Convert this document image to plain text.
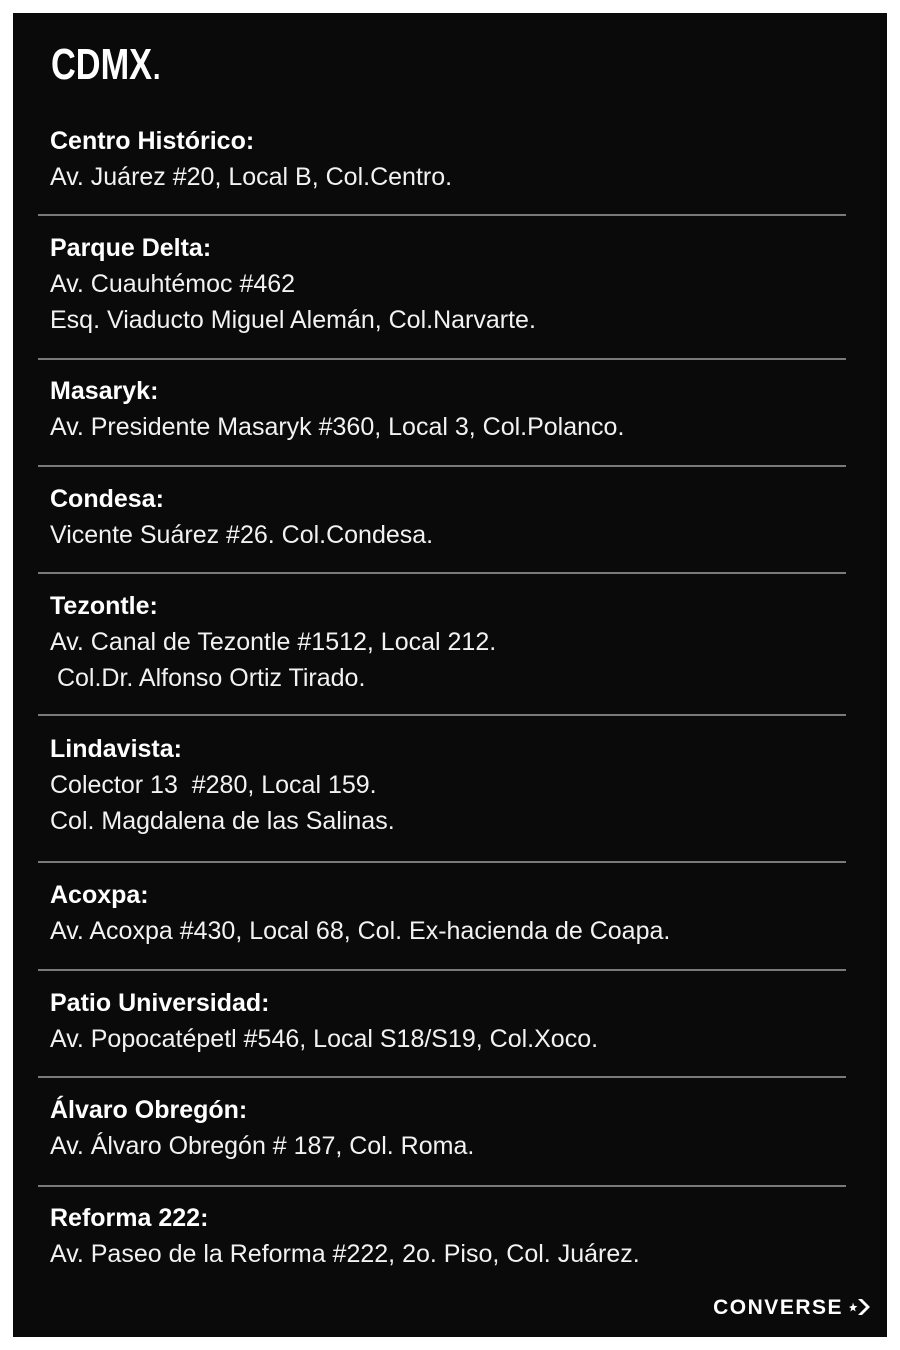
CDMX
Centro Histórico:
Av. Juárez #20, Local B, Col.Centro.
Parque Delta:
Av. Cuauhtémoc #462
Esq. Viaducto Miguel Alemán, Col.Narvarte.
Masaryk:
Av. Presidente Masaryk #360, Local 3, Col.Polanco.
Condesa:
Vicente Suárez #26. Col.Condesa.
Tezontle:
Av. Canal de Tezontle #1512, Local 212.
Col.Dr. Alfonso Ortiz Tirado.
Lindavista:
Colector 13  #280, Local 159.
Col. Magdalena de las Salinas.
Acoxpa:
Av. Acoxpa #430, Local 68, Col. Ex-hacienda de Coapa.
Patio Universidad:
Av. Popocatépetl #546, Local S18/S19, Col.Xoco.
Álvaro Obregón:
Av. Álvaro Obregón # 187, Col. Roma.
Reforma 222:
Av. Paseo de la Reforma #222, 2o. Piso, Col. Juárez.
CONVERSE
